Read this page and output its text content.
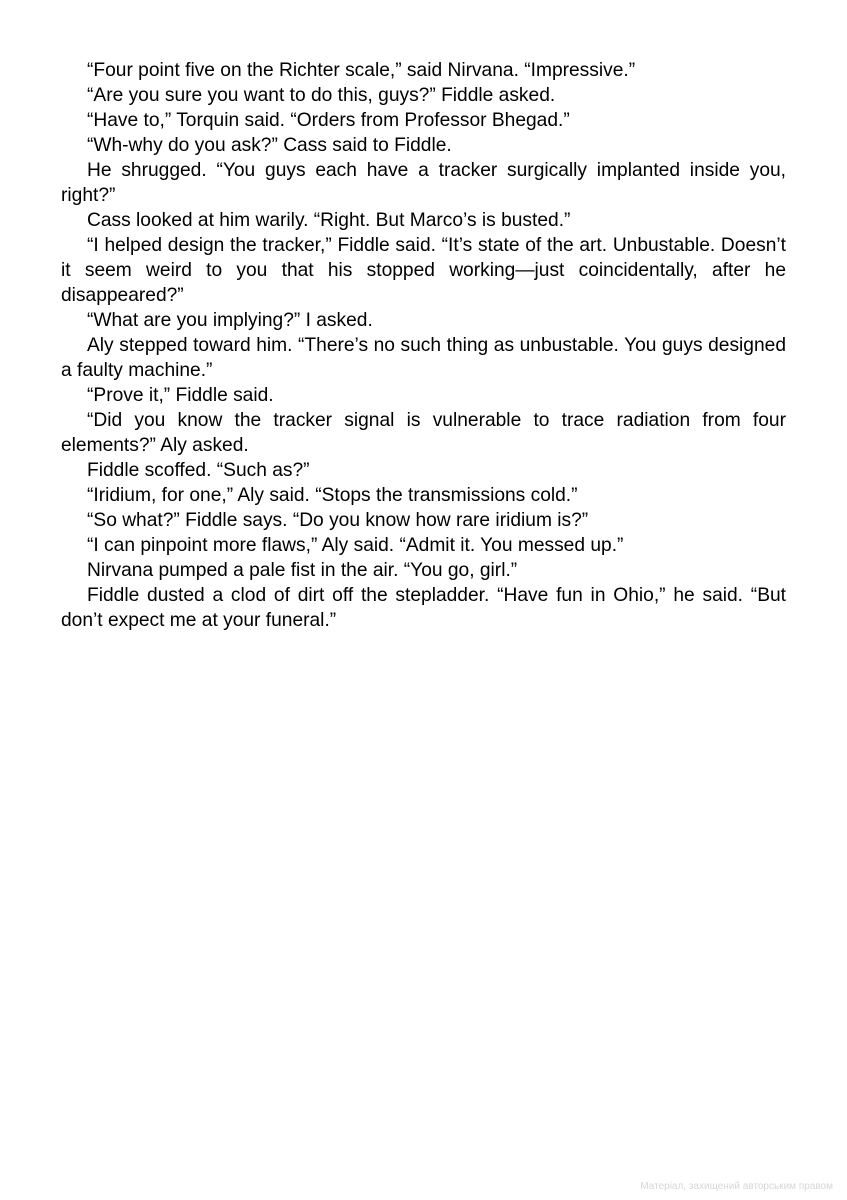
“Four point five on the Richter scale,” said Nirvana. “Impressive.”

“Are you sure you want to do this, guys?” Fiddle asked.

“Have to,” Torquin said. “Orders from Professor Bhegad.”

“Wh-why do you ask?” Cass said to Fiddle.

He shrugged. “You guys each have a tracker surgically implanted inside you, right?”

Cass looked at him warily. “Right. But Marco’s is busted.”

“I helped design the tracker,” Fiddle said. “It’s state of the art. Unbustable. Doesn’t it seem weird to you that his stopped working—just coincidentally, after he disappeared?”

“What are you implying?” I asked.

Aly stepped toward him. “There’s no such thing as unbustable. You guys designed a faulty machine.”

“Prove it,” Fiddle said.

“Did you know the tracker signal is vulnerable to trace radiation from four elements?” Aly asked.

Fiddle scoffed. “Such as?”

“Iridium, for one,” Aly said. “Stops the transmissions cold.”

“So what?” Fiddle says. “Do you know how rare iridium is?”

“I can pinpoint more flaws,” Aly said. “Admit it. You messed up.”

Nirvana pumped a pale fist in the air. “You go, girl.”

Fiddle dusted a clod of dirt off the stepladder. “Have fun in Ohio,” he said. “But don’t expect me at your funeral.”

Матеріал, захищений авторським правом
